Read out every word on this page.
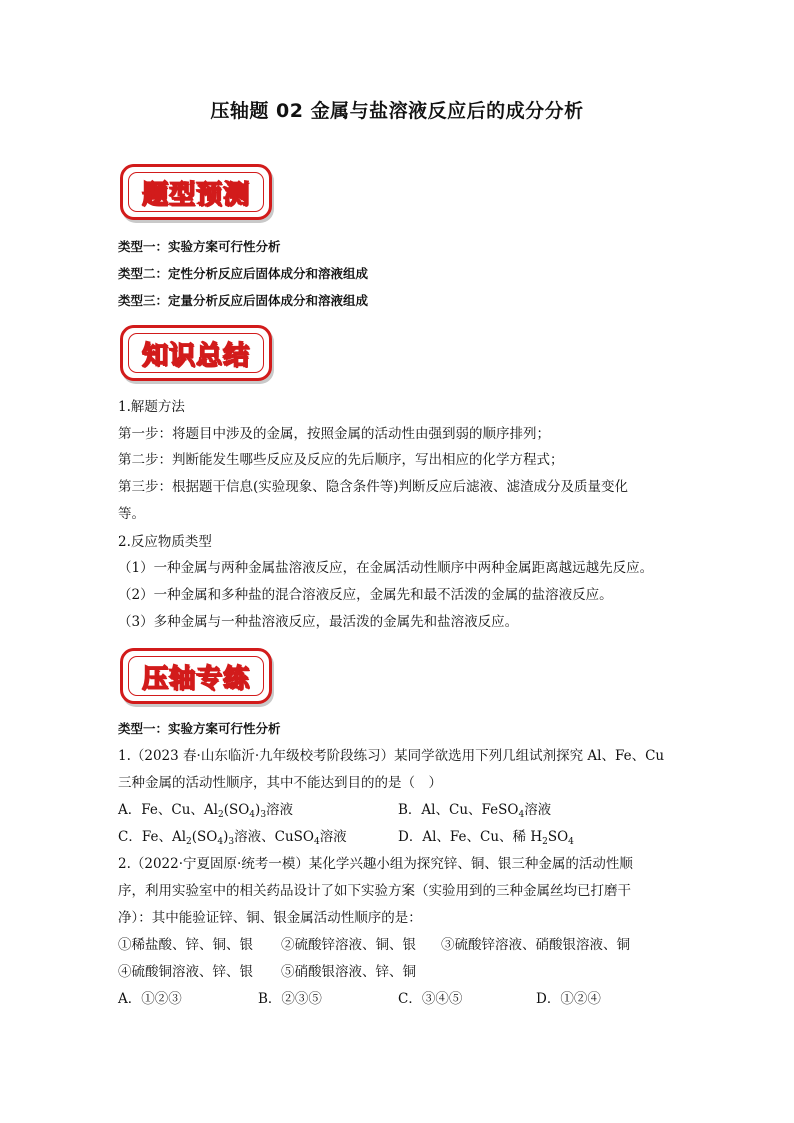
压轴题 02 金属与盐溶液反应后的成分分析
题型预测
类型一：实验方案可行性分析
类型二：定性分析反应后固体成分和溶液组成
类型三：定量分析反应后固体成分和溶液组成
知识总结
1.解题方法
第一步：将题目中涉及的金属，按照金属的活动性由强到弱的顺序排列；
第二步：判断能发生哪些反应及反应的先后顺序，写出相应的化学方程式；
第三步：根据题干信息(实验现象、隐含条件等)判断反应后滤液、滤渣成分及质量变化
等。
2.反应物质类型
（1）一种金属与两种金属盐溶液反应，在金属活动性顺序中两种金属距离越远越先反应。
（2）一种金属和多种盐的混合溶液反应，金属先和最不活泼的金属的盐溶液反应。
（3）多种金属与一种盐溶液反应，最活泼的金属先和盐溶液反应。
压轴专练
类型一：实验方案可行性分析
1.（2023 春·山东临沂·九年级校考阶段练习）某同学欲选用下列几组试剂探究 Al、Fe、Cu
三种金属的活动性顺序，其中不能达到目的的是（　）
A．Fe、Cu、$Al_2(SO_4)_3$溶液	B．Al、Cu、FeSO$_4$溶液
C．Fe、$Al_2(SO_4)_3$溶液、CuSO$_4$溶液	D．Al、Fe、Cu、稀 $H_2SO_4$
2.（2022·宁夏固原·统考一模）某化学兴趣小组为探究锌、铜、银三种金属的活动性顺
序，利用实验室中的相关药品设计了如下实验方案（实验用到的三种金属丝均已打磨干
净）：其中能验证锌、铜、银金属活动性顺序的是：
①稀盐酸、锌、铜、银 ②硫酸锌溶液、铜、银 ③硫酸锌溶液、硝酸银溶液、铜
④硫酸铜溶液、锌、银 ⑤硝酸银溶液、锌、铜
A．①②③	B．②③⑤	C．③④⑤	D．①②④
